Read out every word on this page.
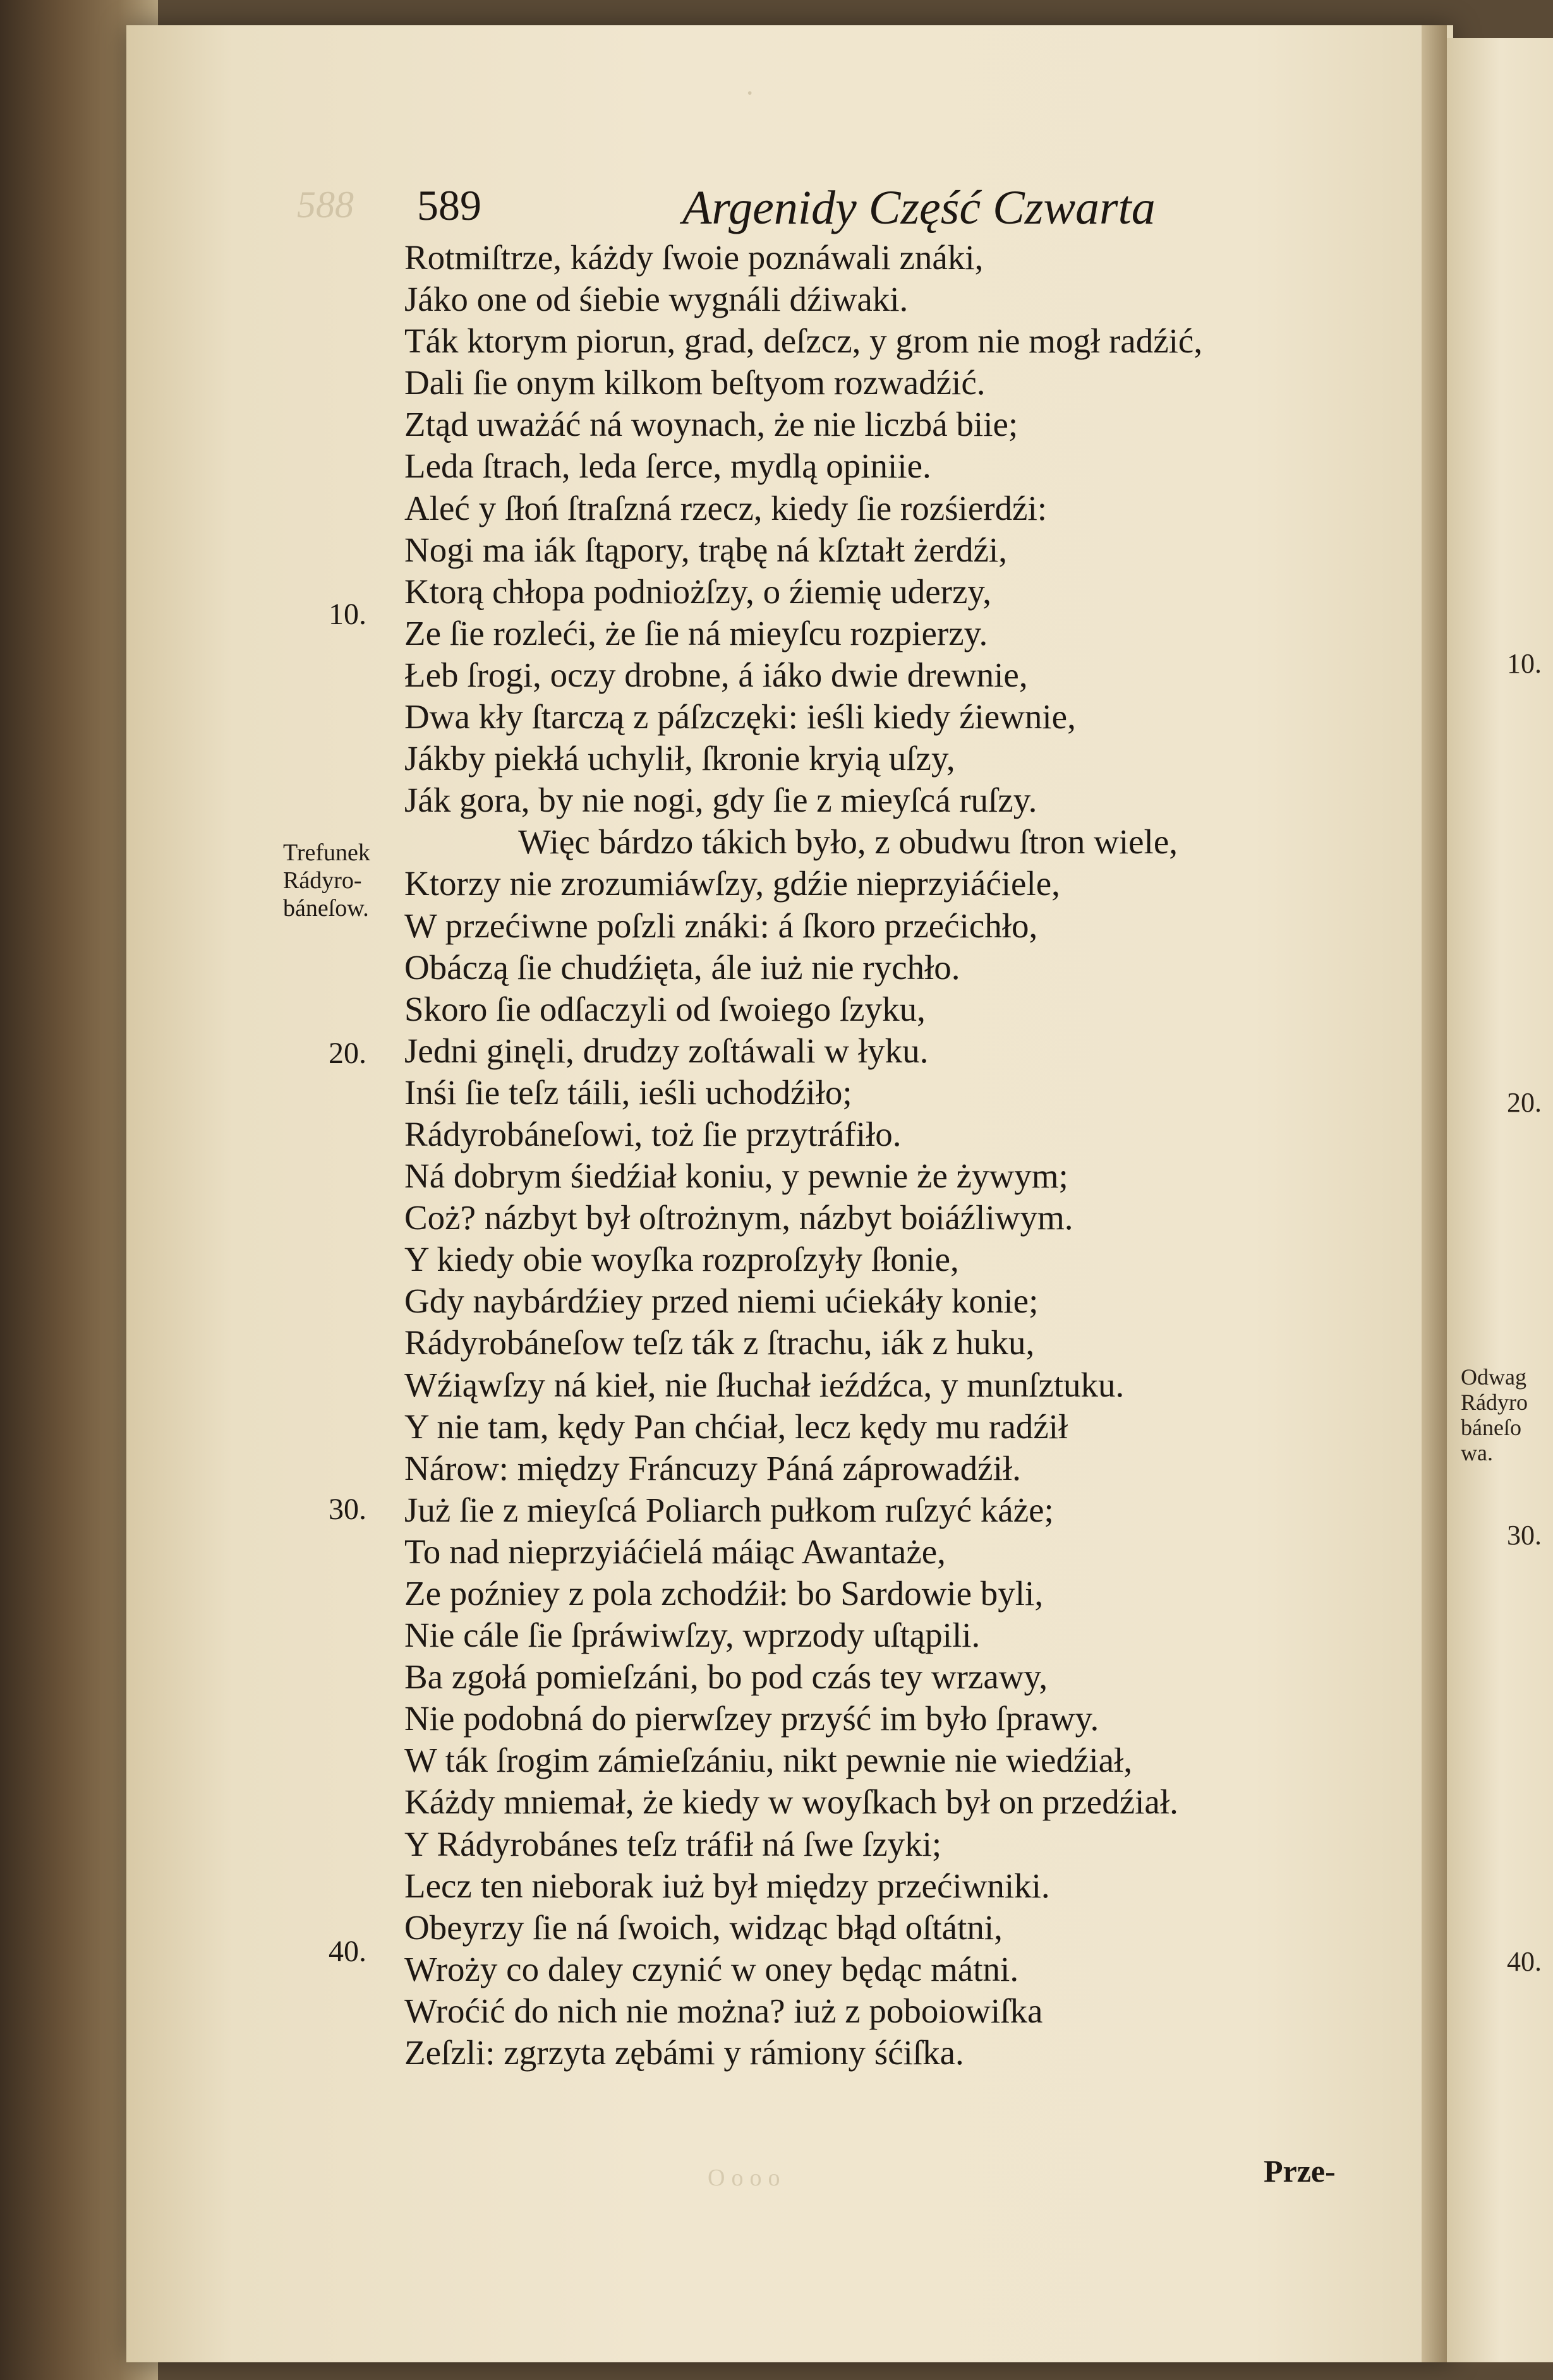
588
·
589	Argenidy Część Czwarta
Rotmiſtrze, káżdy ſwoie poznáwali znáki,
Jáko one od śiebie wygnáli dźiwaki.
Ták ktorym piorun, grad, deſzcz, y grom nie mogł radźić,
Dali ſie onym kilkom beſtyom rozwadźić.
Ztąd uważáć ná woynach, że nie liczbá biie;
Leda ſtrach, leda ſerce, mydlą opiniie.
Aleć y ſłoń ſtraſzná rzecz, kiedy ſie rozśierdźi:
Nogi ma iák ſtąpory, trąbę ná kſztałt żerdźi,
Ktorą chłopa podniożſzy, o źiemię uderzy,
Ze ſie rozleći, że ſie ná mieyſcu rozpierzy.
Łeb ſrogi, oczy drobne, á iáko dwie drewnie,
Dwa kły ſtarczą z páſzczęki: ieśli kiedy źiewnie,
Jákby piekłá uchylił, ſkronie kryią uſzy,
Ják gora, by nie nogi, gdy ſie z mieyſcá ruſzy.
Więc bárdzo tákich było, z obudwu ſtron wiele,
Ktorzy nie zrozumiáwſzy, gdźie nieprzyiáćiele,
W przećiwne poſzli znáki: á ſkoro przećichło,
Obáczą ſie chudźięta, ále iuż nie rychło.
Skoro ſie odſaczyli od ſwoiego ſzyku,
Jedni ginęli, drudzy zoſtáwali w łyku.
Inśi ſie teſz táili, ieśli uchodźiło;
Rádyrobáneſowi, toż ſie przytráfiło.
Ná dobrym śiedźiał koniu, y pewnie że żywym;
Coż? názbyt był oſtrożnym, názbyt boiáźliwym.
Y kiedy obie woyſka rozproſzyły ſłonie,
Gdy naybárdźiey przed niemi ućiekáły konie;
Rádyrobáneſow teſz ták z ſtrachu, iák z huku,
Wźiąwſzy ná kieł, nie ſłuchał ieźdźca, y munſztuku.
Y nie tam, kędy Pan chćiał, lecz kędy mu radźił
Nárow: między Fráncuzy Páná záprowadźił.
Już ſie z mieyſcá Poliarch pułkom ruſzyć káże;
To nad nieprzyiáćielá máiąc Awantaże,
Ze poźniey z pola zchodźił: bo Sardowie byli,
Nie cále ſie ſpráwiwſzy, wprzody uſtąpili.
Ba zgołá pomieſzáni, bo pod czás tey wrzawy,
Nie podobná do pierwſzey przyść im było ſprawy.
W ták ſrogim zámieſzániu, nikt pewnie nie wiedźiał,
Káżdy mniemał, że kiedy w woyſkach był on przedźiał.
Y Rádyrobánes teſz tráfił ná ſwe ſzyki;
Lecz ten nieborak iuż był między przećiwniki.
Obeyrzy ſie ná ſwoich, widząc błąd oſtátni,
Wroży co daley czynić w oney będąc mátni.
Wroćić do nich nie można? iuż z poboiowiſka
Zeſzli: zgrzyta zębámi y rámiony śćiſka.
10.
20.
30.
40.
Trefunek
Rádyro-
báneſow.
Prze-
Oooo
10.
20.
30.
40.
Odwag
Rádyro
báneſo
wa.
